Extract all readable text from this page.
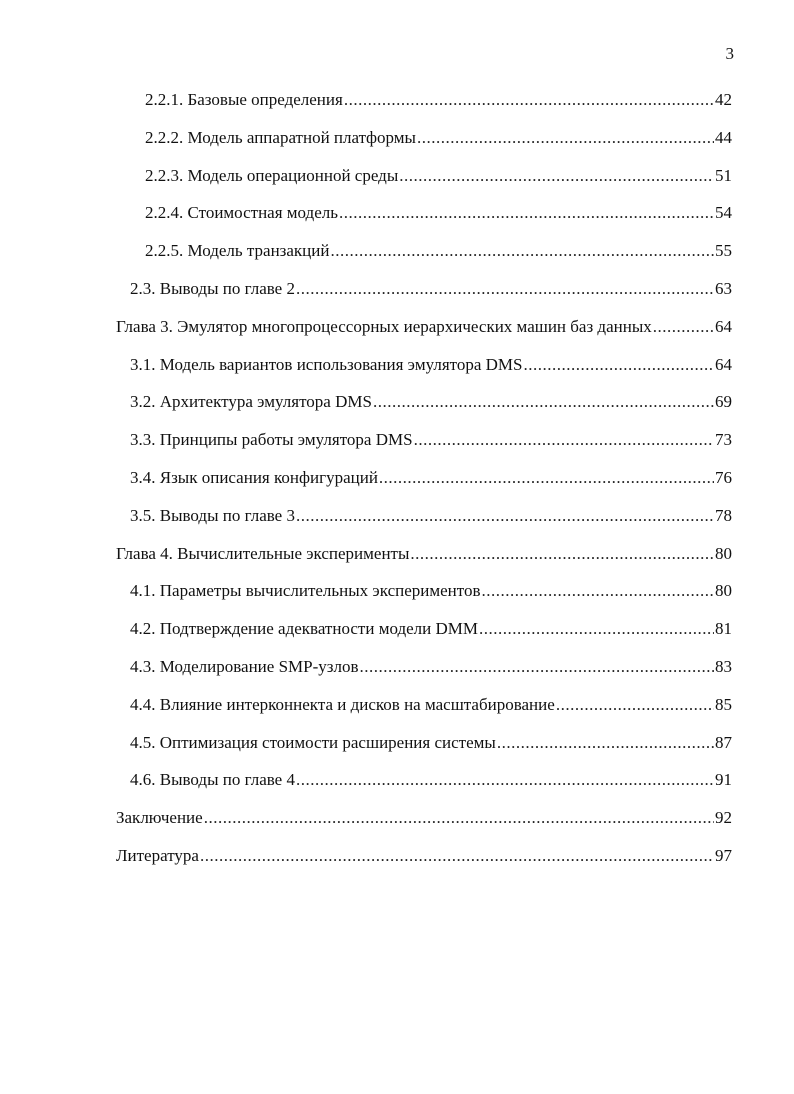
3
2.2.1. Базовые определения .....	42
2.2.2. Модель аппаратной платформы .....	44
2.2.3. Модель операционной среды .....	51
2.2.4. Стоимостная модель .....	54
2.2.5. Модель транзакций .....	55
2.3. Выводы по главе 2 .....	63
Глава 3. Эмулятор многопроцессорных иерархических машин баз данных .....	64
3.1. Модель вариантов использования эмулятора DMS .....	64
3.2. Архитектура эмулятора DMS .....	69
3.3. Принципы работы эмулятора DMS .....	73
3.4. Язык описания конфигураций .....	76
3.5. Выводы по главе 3 .....	78
Глава 4. Вычислительные эксперименты .....	80
4.1. Параметры вычислительных экспериментов .....	80
4.2. Подтверждение адекватности модели DMM .....	81
4.3. Моделирование SMP-узлов .....	83
4.4. Влияние интерконнекта и дисков на масштабирование .....	85
4.5. Оптимизация стоимости расширения системы .....	87
4.6. Выводы по главе 4 .....	91
Заключение .....	92
Литература .....	97
